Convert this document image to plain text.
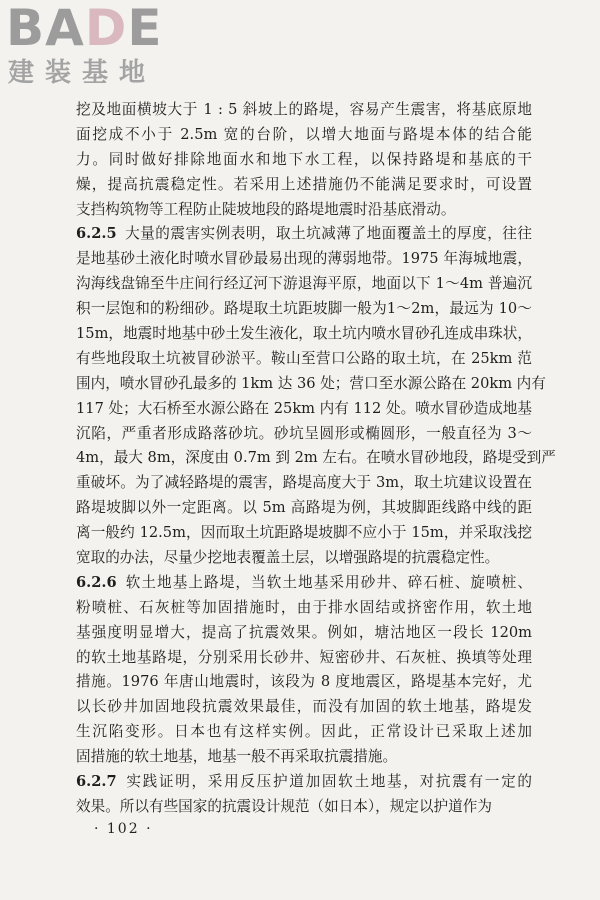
BADE
建装基地
挖及地面横坡大于 1 : 5 斜坡上的路堤，容易产生震害，将基底原地
面挖成不小于 2.5m 宽的台阶，以增大地面与路堤本体的结合能
力。同时做好排除地面水和地下水工程，以保持路堤和基底的干
燥，提高抗震稳定性。若采用上述措施仍不能满足要求时，可设置
支挡构筑物等工程防止陡坡地段的路堤地震时沿基底滑动。
6.2.5 大量的震害实例表明，取土坑减薄了地面覆盖土的厚度，往往
是地基砂土液化时喷水冒砂最易出现的薄弱地带。1975 年海城地震，
沟海线盘锦至牛庄间行经辽河下游退海平原，地面以下 1～4m 普遍沉
积一层饱和的粉细砂。路堤取土坑距坡脚一般为1～2m，最远为 10～
15m，地震时地基中砂土发生液化，取土坑内喷水冒砂孔连成串珠状，
有些地段取土坑被冒砂淤平。鞍山至营口公路的取土坑，在 25km 范
围内，喷水冒砂孔最多的 1km 达 36 处；营口至水源公路在 20km 内有
117 处；大石桥至水源公路在 25km 内有 112 处。喷水冒砂造成地基
沉陷，严重者形成路落砂坑。砂坑呈圆形或椭圆形，一般直径为 3～
4m，最大 8m，深度由 0.7m 到 2m 左右。在喷水冒砂地段，路堤受到严
重破坏。为了减轻路堤的震害，路堤高度大于 3m，取土坑建议设置在
路堤坡脚以外一定距离。以 5m 高路堤为例，其坡脚距线路中线的距
离一般约 12.5m，因而取土坑距路堤坡脚不应小于 15m，并采取浅挖
宽取的办法，尽量少挖地表覆盖土层，以增强路堤的抗震稳定性。
6.2.6 软土地基上路堤，当软土地基采用砂井、碎石桩、旋喷桩、
粉喷桩、石灰桩等加固措施时，由于排水固结或挤密作用，软土地
基强度明显增大，提高了抗震效果。例如，塘沽地区一段长 120m
的软土地基路堤，分别采用长砂井、短密砂井、石灰桩、换填等处理
措施。1976 年唐山地震时，该段为 8 度地震区，路堤基本完好，尤
以长砂井加固地段抗震效果最佳，而没有加固的软土地基，路堤发
生沉陷变形。日本也有这样实例。因此，正常设计已采取上述加
固措施的软土地基，地基一般不再采取抗震措施。
6.2.7 实践证明，采用反压护道加固软土地基，对抗震有一定的
效果。所以有些国家的抗震设计规范（如日本），规定以护道作为
· 102 ·
